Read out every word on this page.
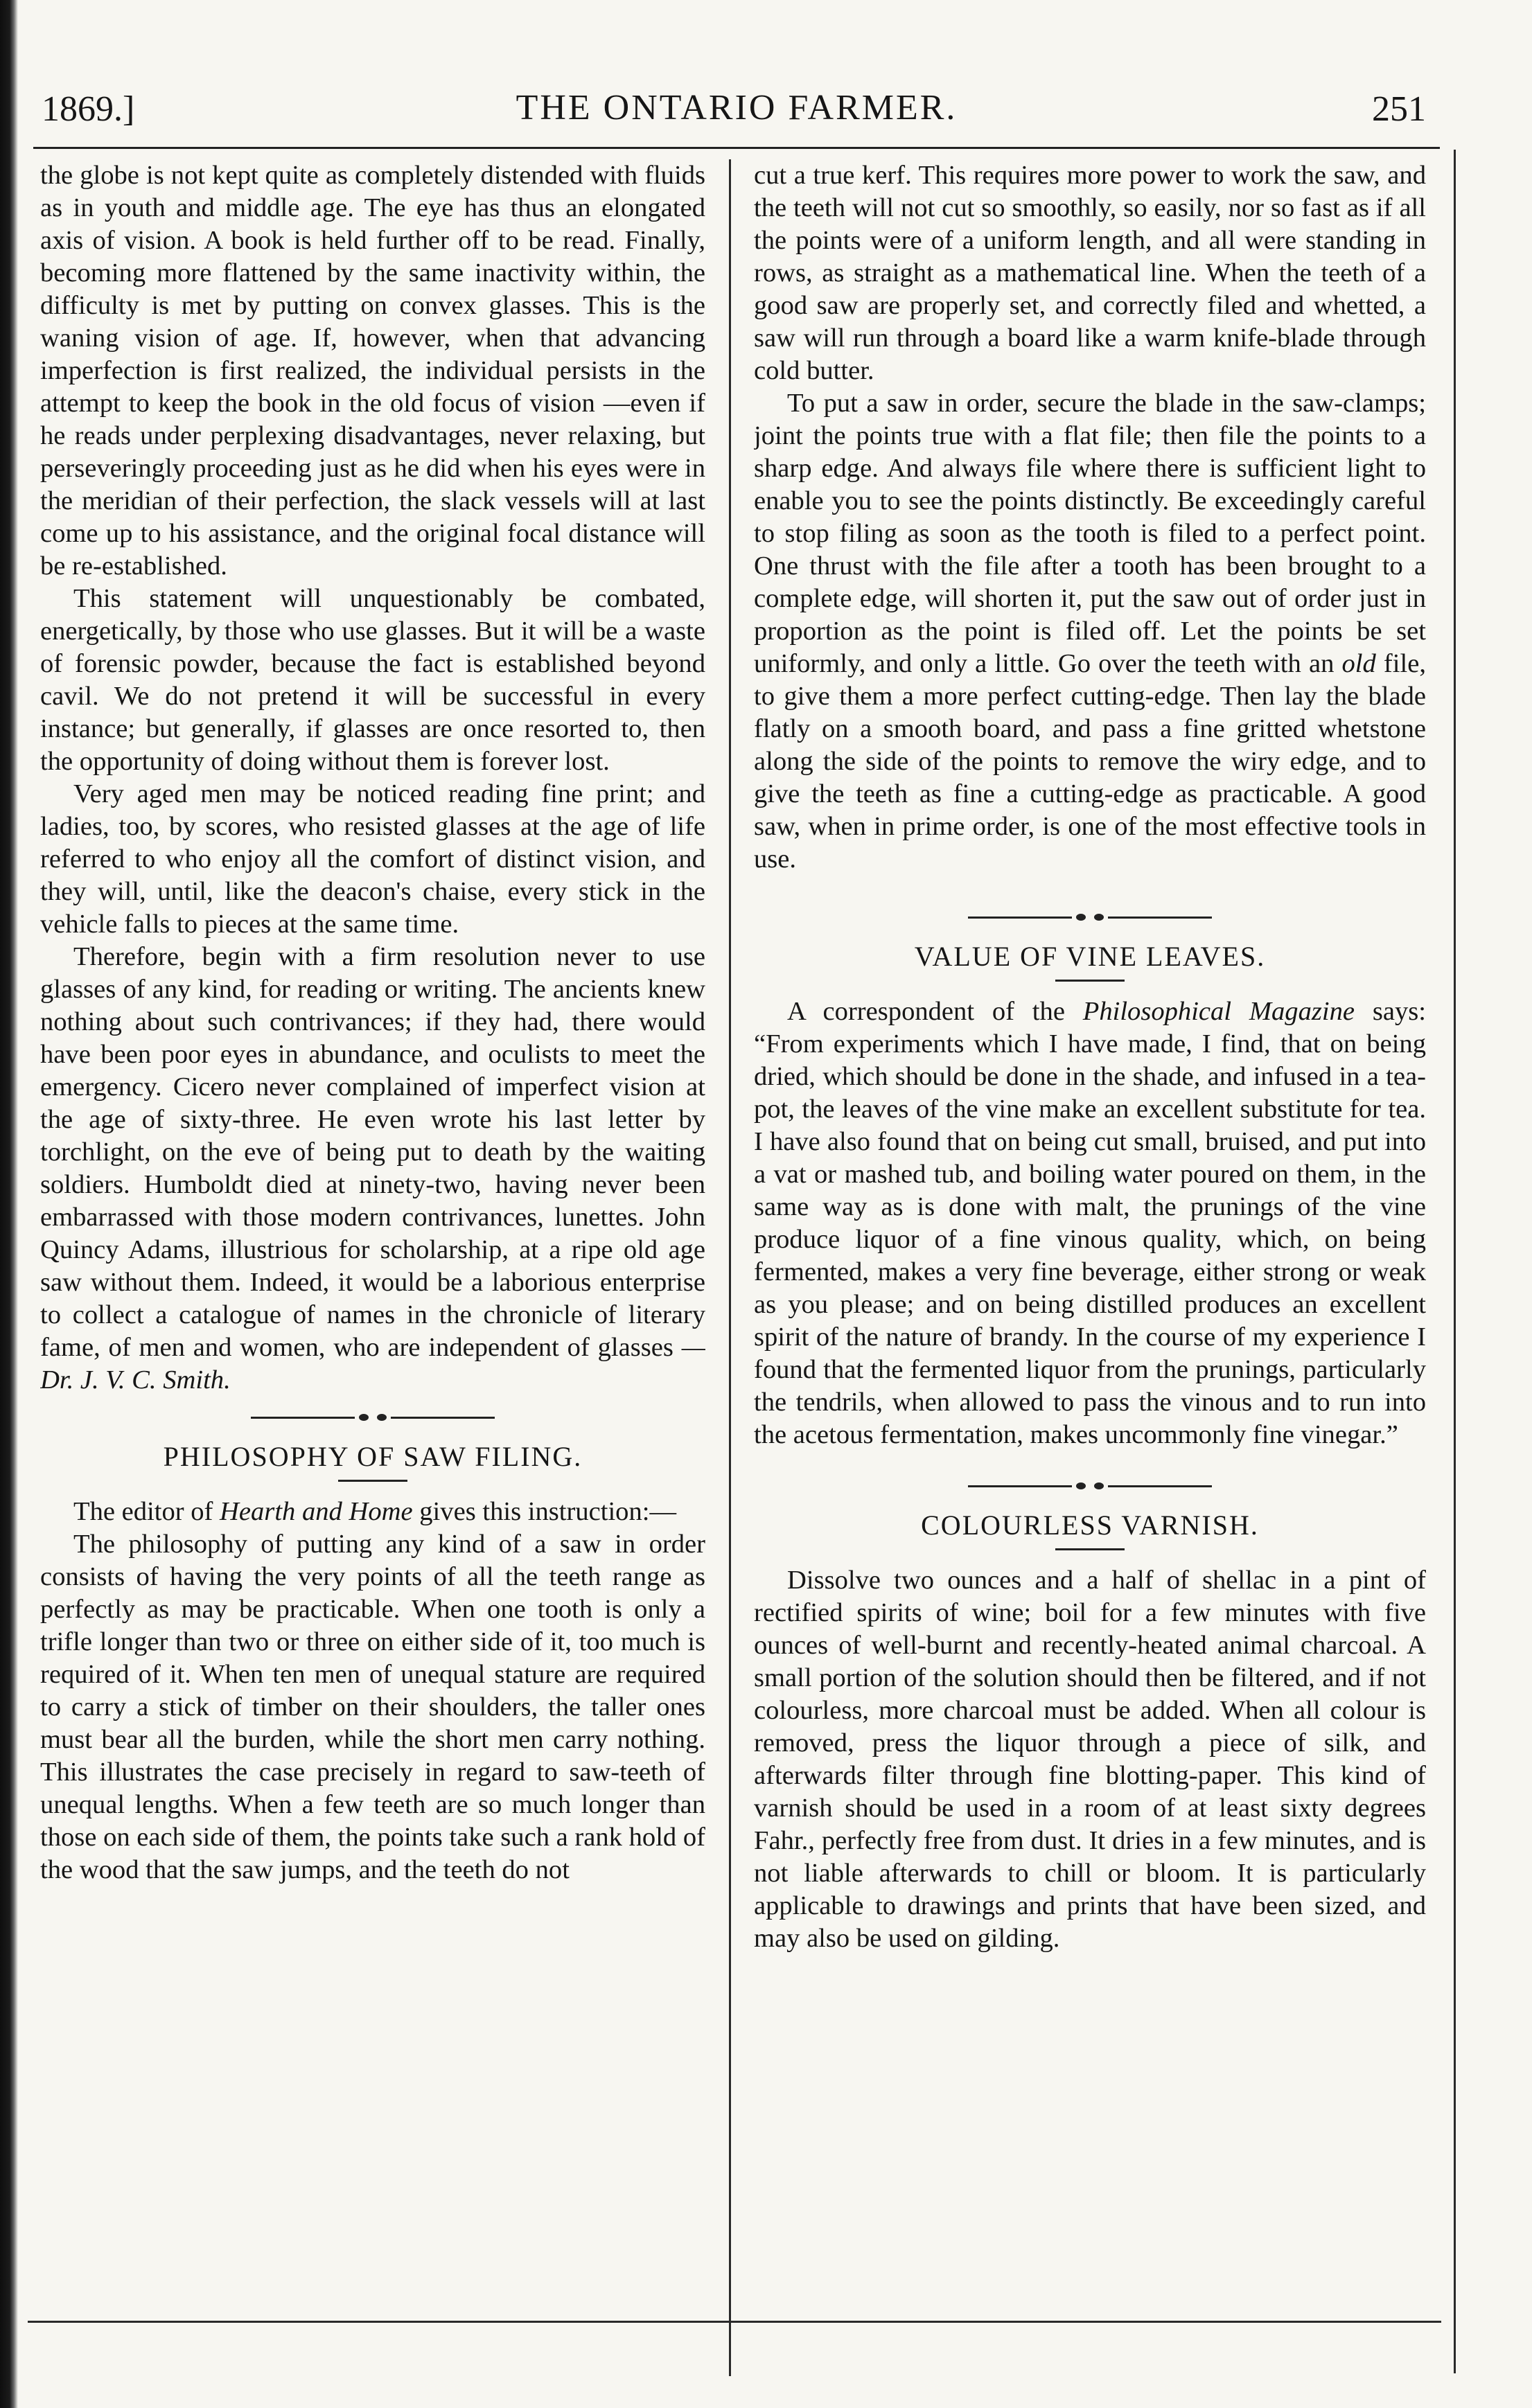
1869.]	THE ONTARIO FARMER.	251

the globe is not kept quite as completely distended with fluids as in youth and middle age. The eye has thus an elongated axis of vision. A book is held further off to be read. Finally, becoming more flattened by the same inactivity within, the difficulty is met by putting on convex glasses. This is the waning vision of age. If, however, when that advancing imperfection is first realized, the individual persists in the attempt to keep the book in the old focus of vision —even if he reads under perplexing disadvantages, never relaxing, but perseveringly proceeding just as he did when his eyes were in the meridian of their perfection, the slack vessels will at last come up to his assistance, and the original focal distance will be re-established.

This statement will unquestionably be combated, energetically, by those who use glasses. But it will be a waste of forensic powder, because the fact is established beyond cavil. We do not pretend it will be successful in every instance; but generally, if glasses are once resorted to, then the opportunity of doing without them is forever lost.

Very aged men may be noticed reading fine print; and ladies, too, by scores, who resisted glasses at the age of life referred to who enjoy all the comfort of distinct vision, and they will, until, like the deacon's chaise, every stick in the vehicle falls to pieces at the same time.

Therefore, begin with a firm resolution never to use glasses of any kind, for reading or writing. The ancients knew nothing about such contrivances; if they had, there would have been poor eyes in abundance, and oculists to meet the emergency. Cicero never complained of imperfect vision at the age of sixty-three. He even wrote his last letter by torchlight, on the eve of being put to death by the waiting soldiers. Humboldt died at ninety-two, having never been embarrassed with those modern contrivances, lunettes. John Quincy Adams, illustrious for scholarship, at a ripe old age saw without them. Indeed, it would be a laborious enterprise to collect a catalogue of names in the chronicle of literary fame, of men and women, who are independent of glasses —Dr. J. V. C. Smith.

PHILOSOPHY OF SAW FILING.

The editor of Hearth and Home gives this instruction:—

The philosophy of putting any kind of a saw in order consists of having the very points of all the teeth range as perfectly as may be practicable. When one tooth is only a trifle longer than two or three on either side of it, too much is required of it. When ten men of unequal stature are required to carry a stick of timber on their shoulders, the taller ones must bear all the burden, while the short men carry nothing. This illustrates the case precisely in regard to saw-teeth of unequal lengths. When a few teeth are so much longer than those on each side of them, the points take such a rank hold of the wood that the saw jumps, and the teeth do not

cut a true kerf. This requires more power to work the saw, and the teeth will not cut so smoothly, so easily, nor so fast as if all the points were of a uniform length, and all were standing in rows, as straight as a mathematical line. When the teeth of a good saw are properly set, and correctly filed and whetted, a saw will run through a board like a warm knife-blade through cold butter.

To put a saw in order, secure the blade in the saw-clamps; joint the points true with a flat file; then file the points to a sharp edge. And always file where there is sufficient light to enable you to see the points distinctly. Be exceedingly careful to stop filing as soon as the tooth is filed to a perfect point. One thrust with the file after a tooth has been brought to a complete edge, will shorten it, put the saw out of order just in proportion as the point is filed off. Let the points be set uniformly, and only a little. Go over the teeth with an old file, to give them a more perfect cutting-edge. Then lay the blade flatly on a smooth board, and pass a fine gritted whetstone along the side of the points to remove the wiry edge, and to give the teeth as fine a cutting-edge as practicable. A good saw, when in prime order, is one of the most effective tools in use.

VALUE OF VINE LEAVES.

A correspondent of the Philosophical Magazine says: “From experiments which I have made, I find, that on being dried, which should be done in the shade, and infused in a tea-pot, the leaves of the vine make an excellent substitute for tea. I have also found that on being cut small, bruised, and put into a vat or mashed tub, and boiling water poured on them, in the same way as is done with malt, the prunings of the vine produce liquor of a fine vinous quality, which, on being fermented, makes a very fine beverage, either strong or weak as you please; and on being distilled produces an excellent spirit of the nature of brandy. In the course of my experience I found that the fermented liquor from the prunings, particularly the tendrils, when allowed to pass the vinous and to run into the acetous fermentation, makes uncommonly fine vinegar.”

COLOURLESS VARNISH.

Dissolve two ounces and a half of shellac in a pint of rectified spirits of wine; boil for a few minutes with five ounces of well-burnt and recently-heated animal charcoal. A small portion of the solution should then be filtered, and if not colourless, more charcoal must be added. When all colour is removed, press the liquor through a piece of silk, and afterwards filter through fine blotting-paper. This kind of varnish should be used in a room of at least sixty degrees Fahr., perfectly free from dust. It dries in a few minutes, and is not liable afterwards to chill or bloom. It is particularly applicable to drawings and prints that have been sized, and may also be used on gilding.
